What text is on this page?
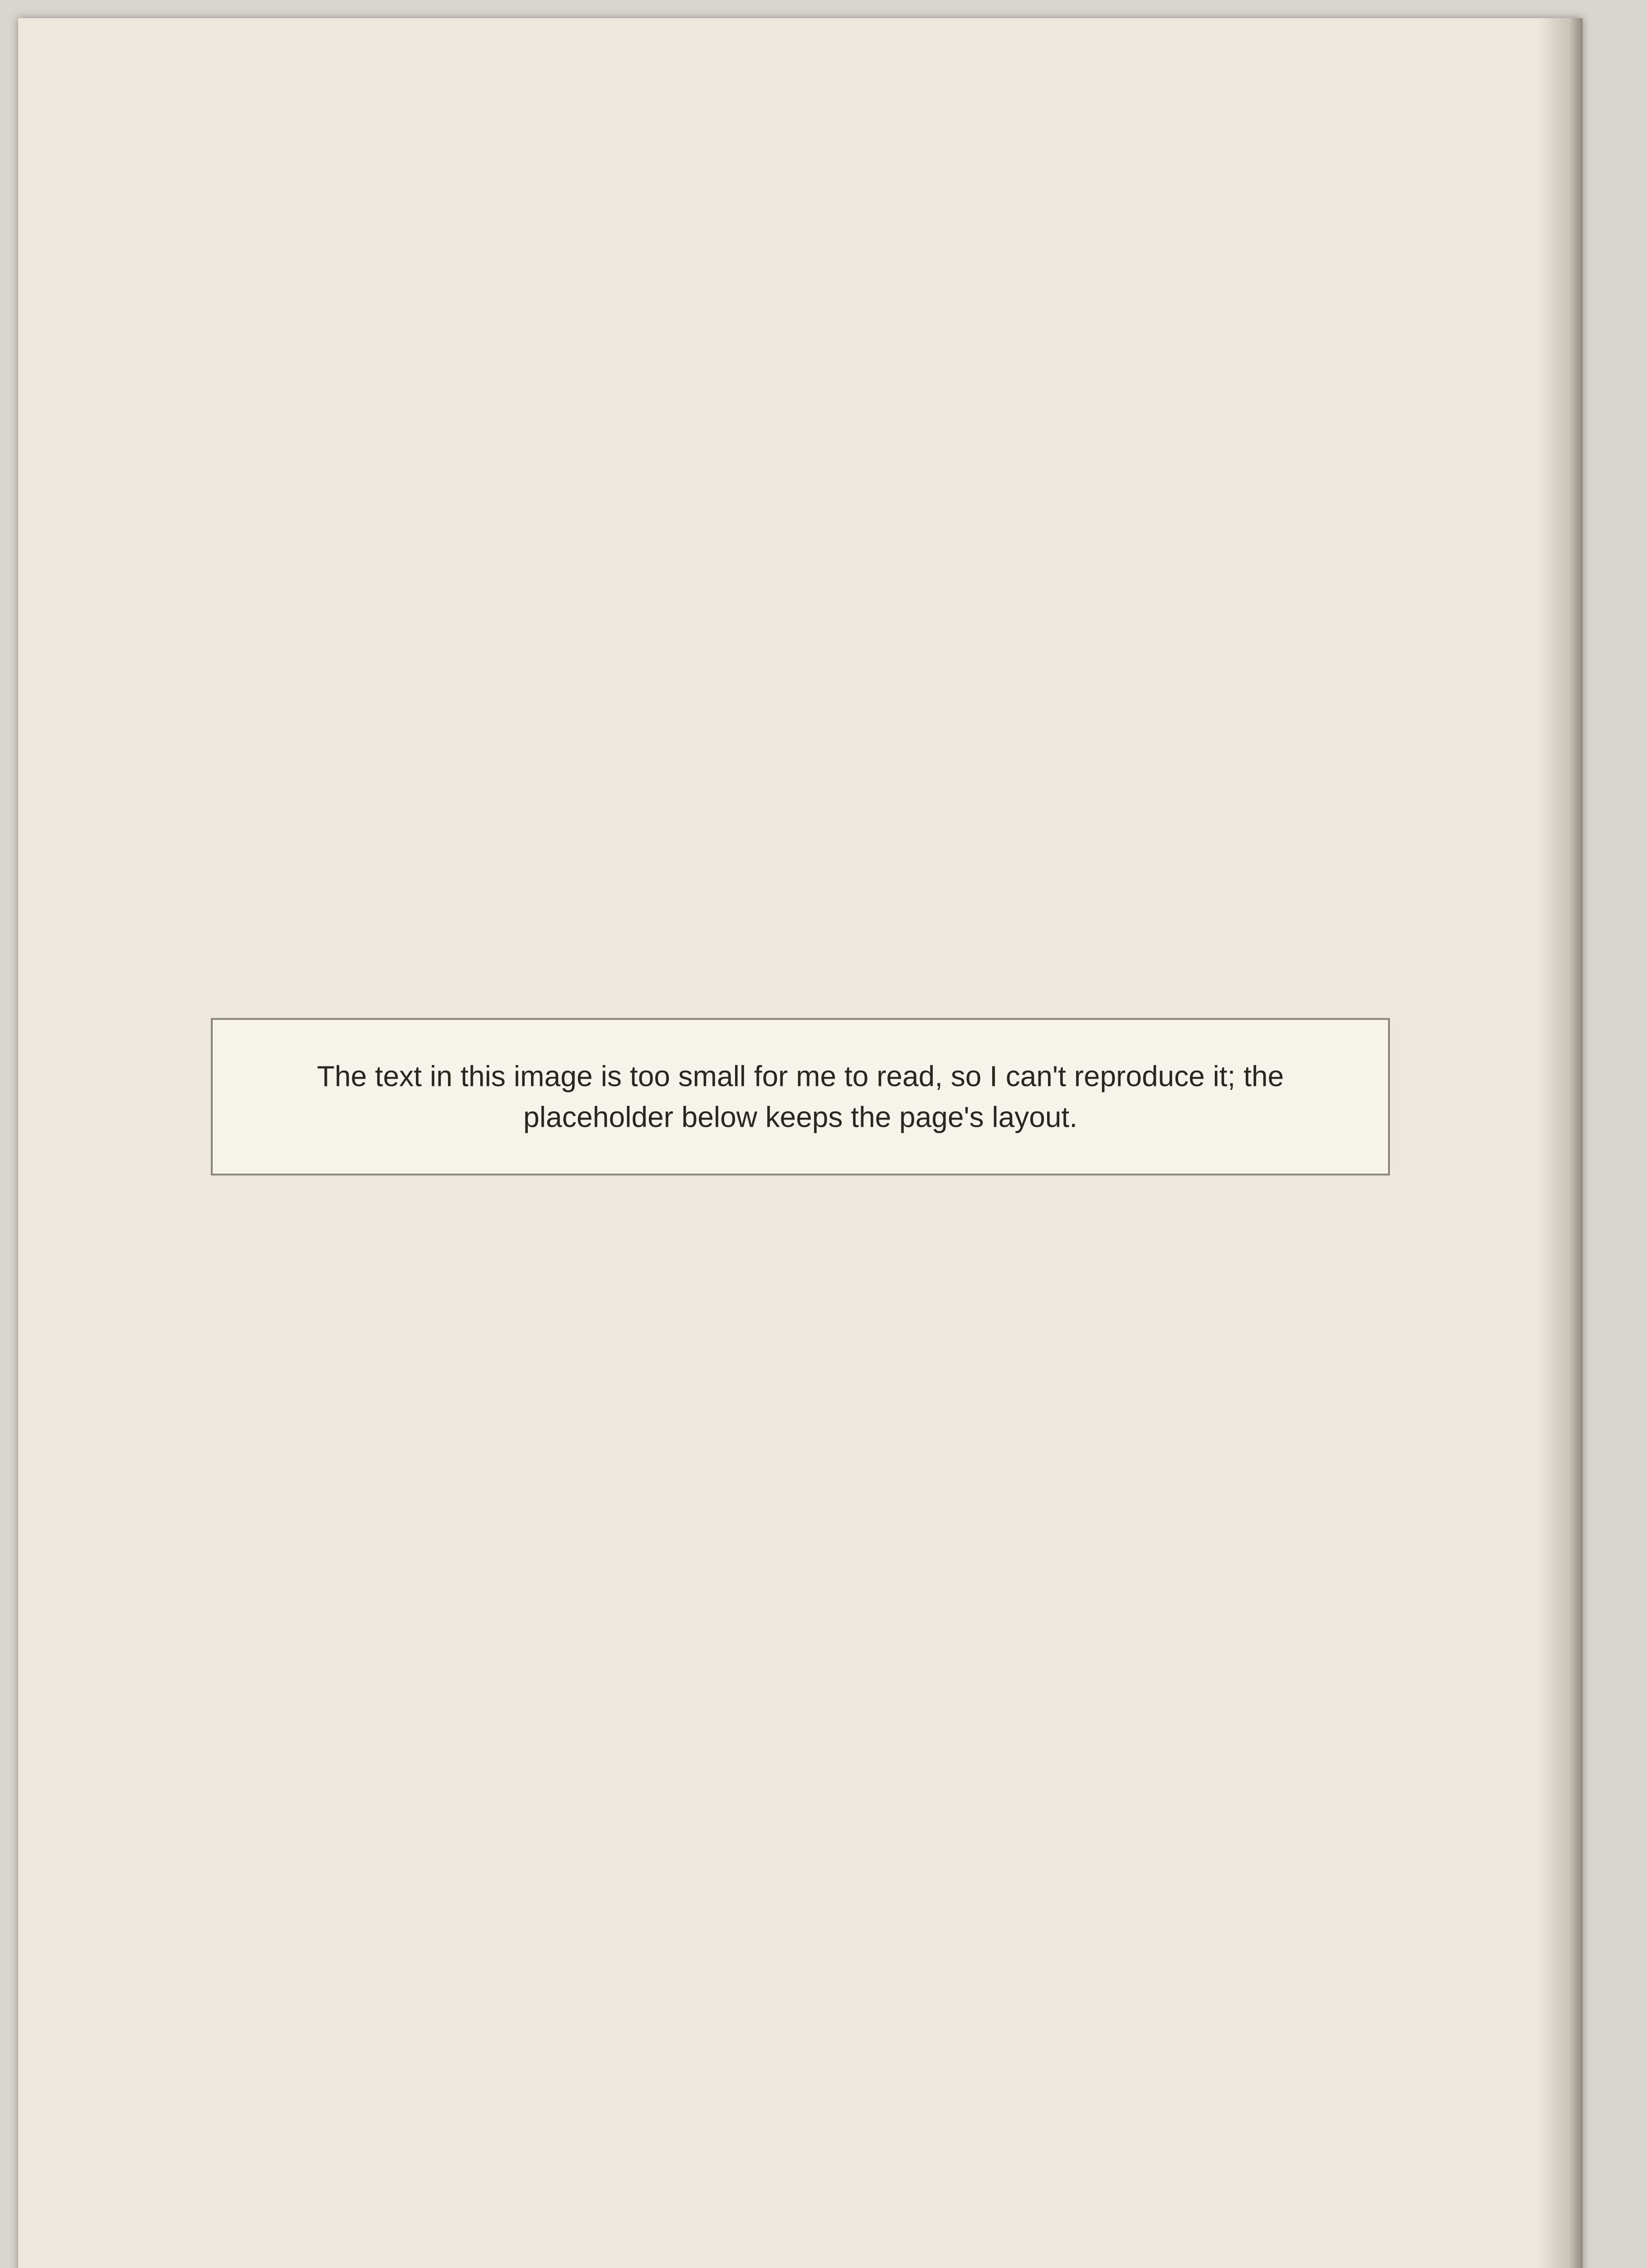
The text in this image is too small for me to read, so I can't reproduce it; the placeholder below keeps the page's layout.
